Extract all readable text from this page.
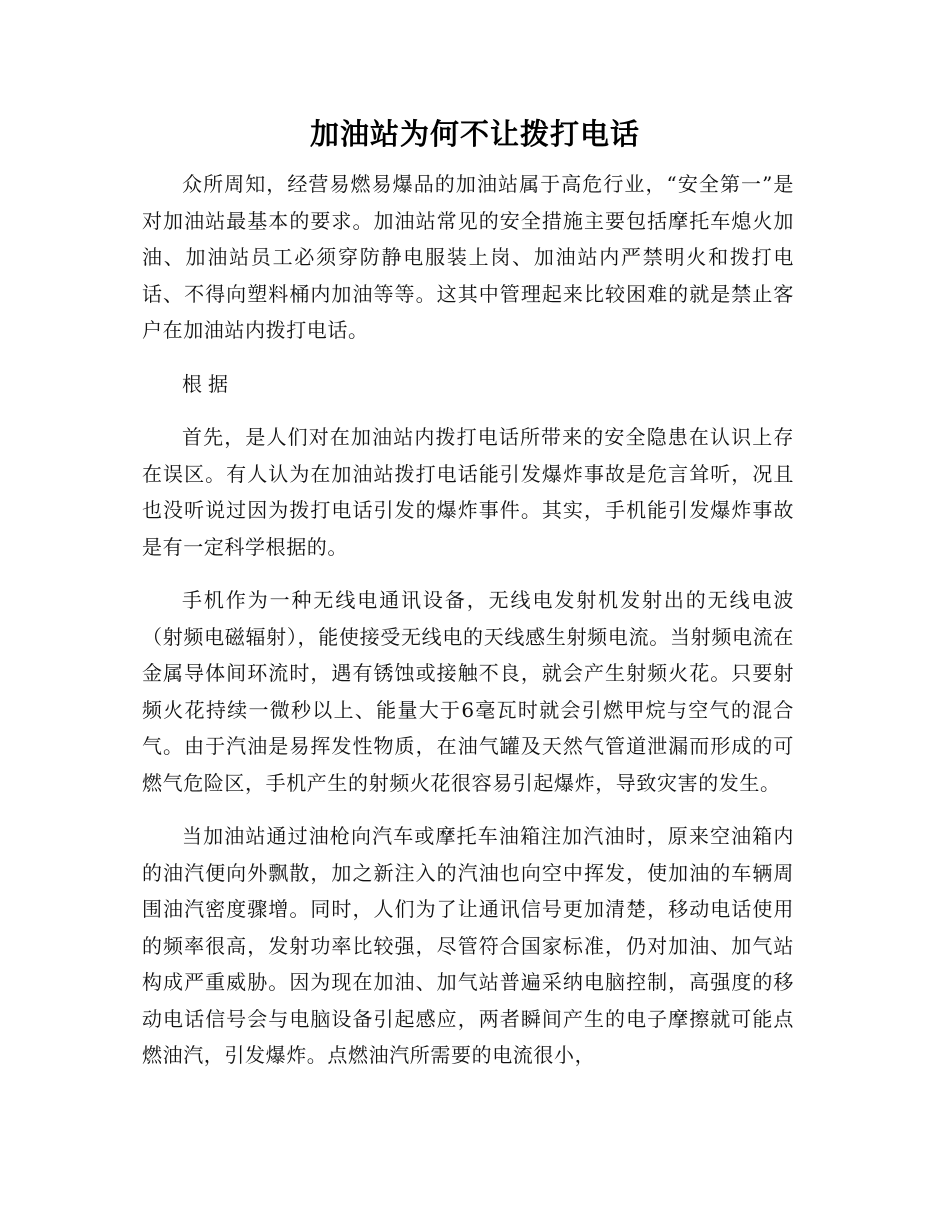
加油站为何不让拨打电话

众所周知，经营易燃易爆品的加油站属于高危行业，“安全第一”是对加油站最基本的要求。加油站常见的安全措施主要包括摩托车熄火加油、加油站员工必须穿防静电服装上岗、加油站内严禁明火和拨打电话、不得向塑料桶内加油等等。这其中管理起来比较困难的就是禁止客户在加油站内拨打电话。

根据

首先，是人们对在加油站内拨打电话所带来的安全隐患在认识上存在误区。有人认为在加油站拨打电话能引发爆炸事故是危言耸听，况且也没听说过因为拨打电话引发的爆炸事件。其实，手机能引发爆炸事故是有一定科学根据的。

手机作为一种无线电通讯设备，无线电发射机发射出的无线电波（射频电磁辐射），能使接受无线电的天线感生射频电流。当射频电流在金属导体间环流时，遇有锈蚀或接触不良，就会产生射频火花。只要射频火花持续一微秒以上、能量大于6毫瓦时就会引燃甲烷与空气的混合气。由于汽油是易挥发性物质，在油气罐及天然气管道泄漏而形成的可燃气危险区，手机产生的射频火花很容易引起爆炸，导致灾害的发生。

当加油站通过油枪向汽车或摩托车油箱注加汽油时，原来空油箱内的油汽便向外飘散，加之新注入的汽油也向空中挥发，使加油的车辆周围油汽密度骤增。同时，人们为了让通讯信号更加清楚，移动电话使用的频率很高，发射功率比较强，尽管符合国家标准，仍对加油、加气站构成严重威胁。因为现在加油、加气站普遍采纳电脑控制，高强度的移动电话信号会与电脑设备引起感应，两者瞬间产生的电子摩擦就可能点燃油汽，引发爆炸。点燃油汽所需要的电流很小，
